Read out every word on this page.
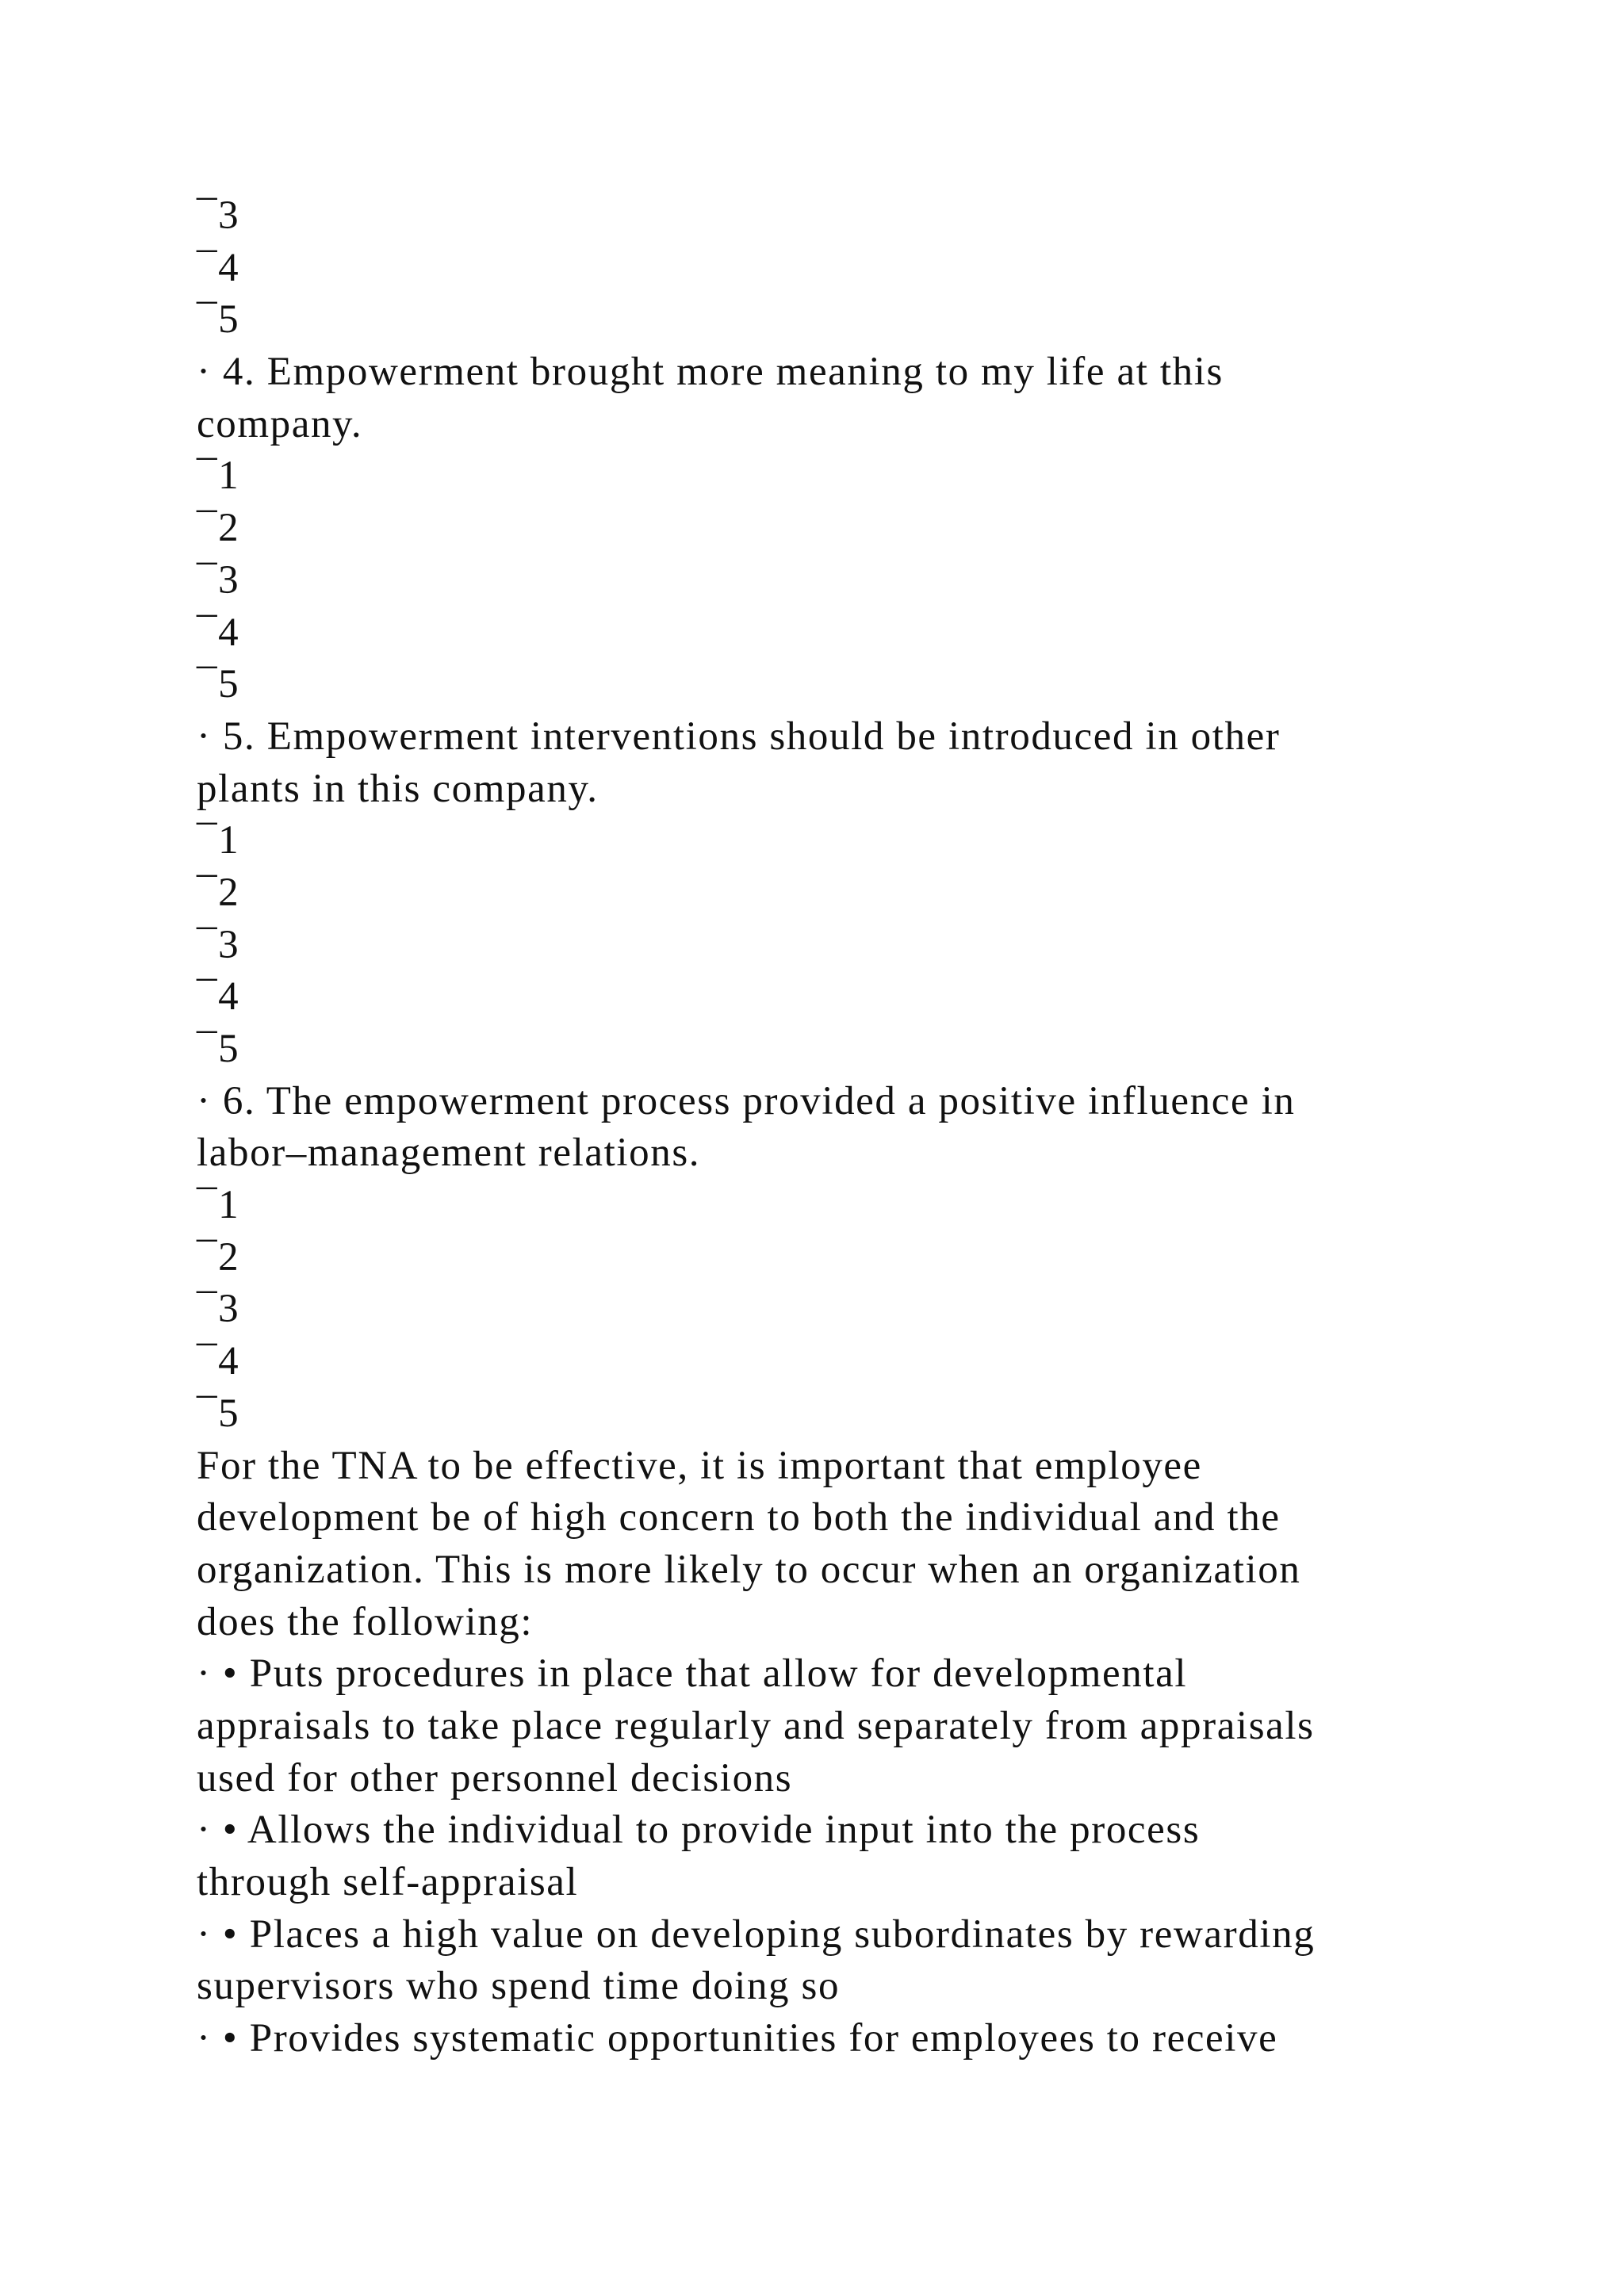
¯3
¯4
¯5
· 4. Empowerment brought more meaning to my life at this
company.
¯1
¯2
¯3
¯4
¯5
· 5. Empowerment interventions should be introduced in other
plants in this company.
¯1
¯2
¯3
¯4
¯5
· 6. The empowerment process provided a positive influence in
labor–management relations.
¯1
¯2
¯3
¯4
¯5
For the TNA to be effective, it is important that employee
development be of high concern to both the individual and the
organization. This is more likely to occur when an organization
does the following:
· • Puts procedures in place that allow for developmental
appraisals to take place regularly and separately from appraisals
used for other personnel decisions
· • Allows the individual to provide input into the process
through self-appraisal
· • Places a high value on developing subordinates by rewarding
supervisors who spend time doing so
· • Provides systematic opportunities for employees to receive
